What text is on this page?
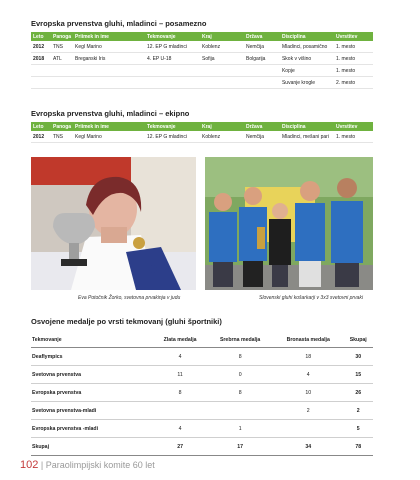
Evropska prvenstva gluhi, mladinci – posamezno
Leto	Panoga	Priimek in ime	Tekmovanje	Kraj	Država	Disciplina	Uvrstitev
2012	TNS	Kegl Marino	12. EP G mladinci	Koblenz	Nemčija	Mladinci, posamično	1. mesto
2018	ATL	Breganski Iris	4. EP U-18	Sofija	Bolgarija	Skok v višino	1. mesto
						Kopje	1. mesto
						Suvanje krogle	2. mesto
Evropska prvenstva gluhi, mladinci – ekipno
Leto	Panoga	Priimek in ime	Tekmovanje	Kraj	Država	Disciplina	Uvrstitev
2012	TNS	Kegl Marino	12. EP G mladinci	Koblenz	Nemčija	Mladinci, mešani pari	1. mesto
Eva Potočnik Žorko, svetovna prvakinja v judu	Slovenski gluhi košarkarji v 3x3 svetovni prvaki
Osvojene medalje po vrsti tekmovanj (gluhi športniki)
Tekmovanje	Zlata medalja	Srebrna medalja	Bronasta medalja	Skupaj
Deaflympics	4	8	18	30
Svetovna prvenstva	11	0	4	15
Evropska prvenstva	8	8	10	26
Svetovna prvenstva-mladi			2	2
Evropska prvenstva -mladi	4	1		5
Skupaj	27	17	34	78
102 | Paraolimpijski komite 60 let
